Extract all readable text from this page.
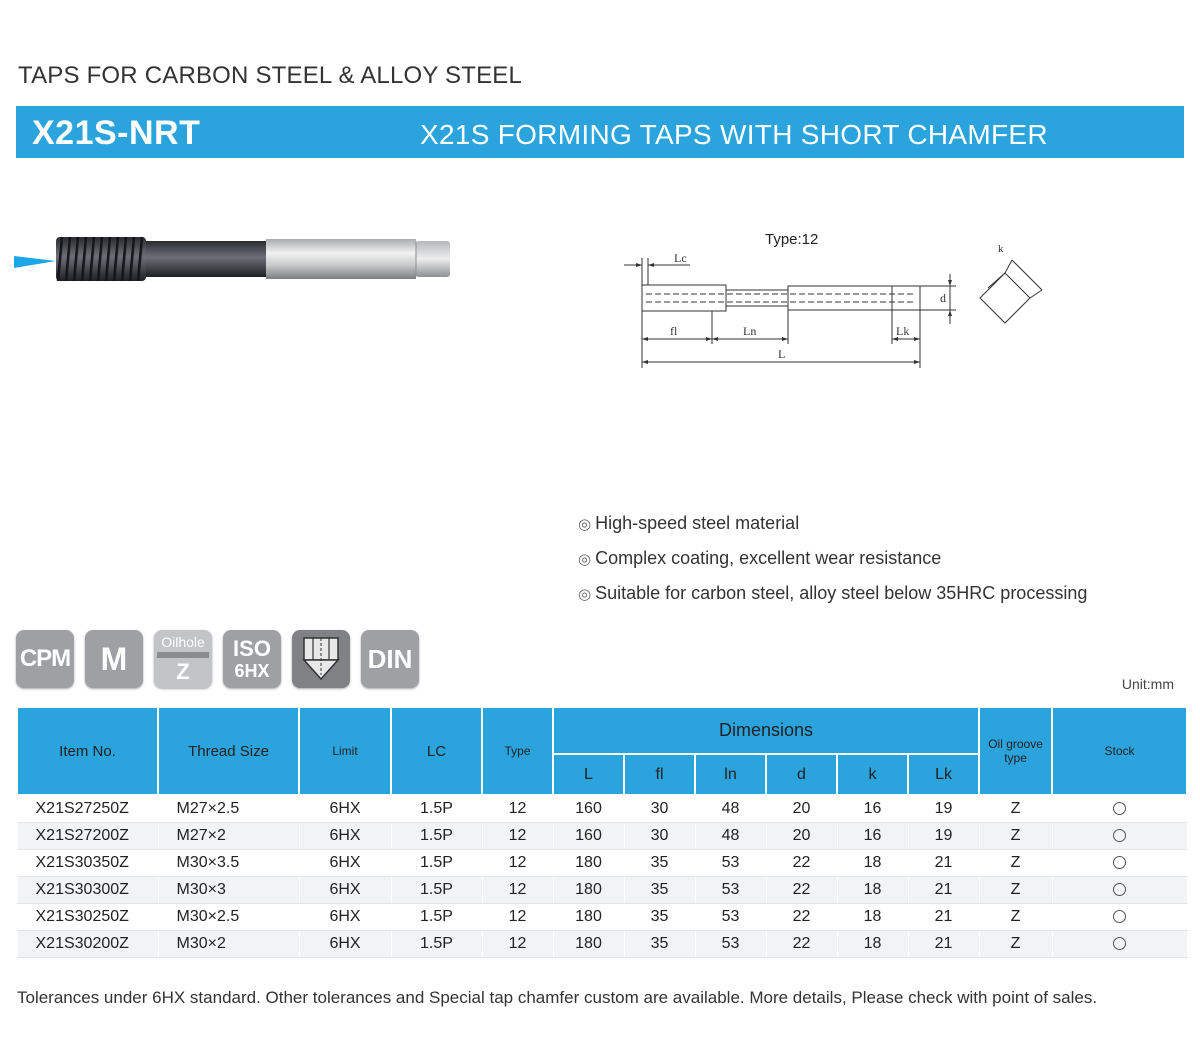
TAPS FOR CARBON STEEL & ALLOY STEEL
X21S-NRT	X21S FORMING TAPS WITH SHORT CHAMFER
Type:12
Lc
fl	Ln	Lk
L
d
k
◎ High-speed steel material
◎ Complex coating, excellent wear resistance
◎ Suitable for carbon steel, alloy steel below 35HRC processing
CPM M	Oilhole
Z
ISO
6HX	DIN
Unit:mm
Item No.	Thread Size	Limit	LC	Type	Dimensions						Oil groove type	Stock
					L	fl	ln	d	k	Lk		
X21S27250Z	M27×2.5	6HX	1.5P	12	160	30	48	20	16	19	Z	
X21S27200Z	M27×2	6HX	1.5P	12	160	30	48	20	16	19	Z	
X21S30350Z	M30×3.5	6HX	1.5P	12	180	35	53	22	18	21	Z	
X21S30300Z	M30×3	6HX	1.5P	12	180	35	53	22	18	21	Z	
X21S30250Z	M30×2.5	6HX	1.5P	12	180	35	53	22	18	21	Z	
X21S30200Z	M30×2	6HX	1.5P	12	180	35	53	22	18	21	Z	
Tolerances under 6HX standard. Other tolerances and Special tap chamfer custom are available. More details, Please check with point of sales.
